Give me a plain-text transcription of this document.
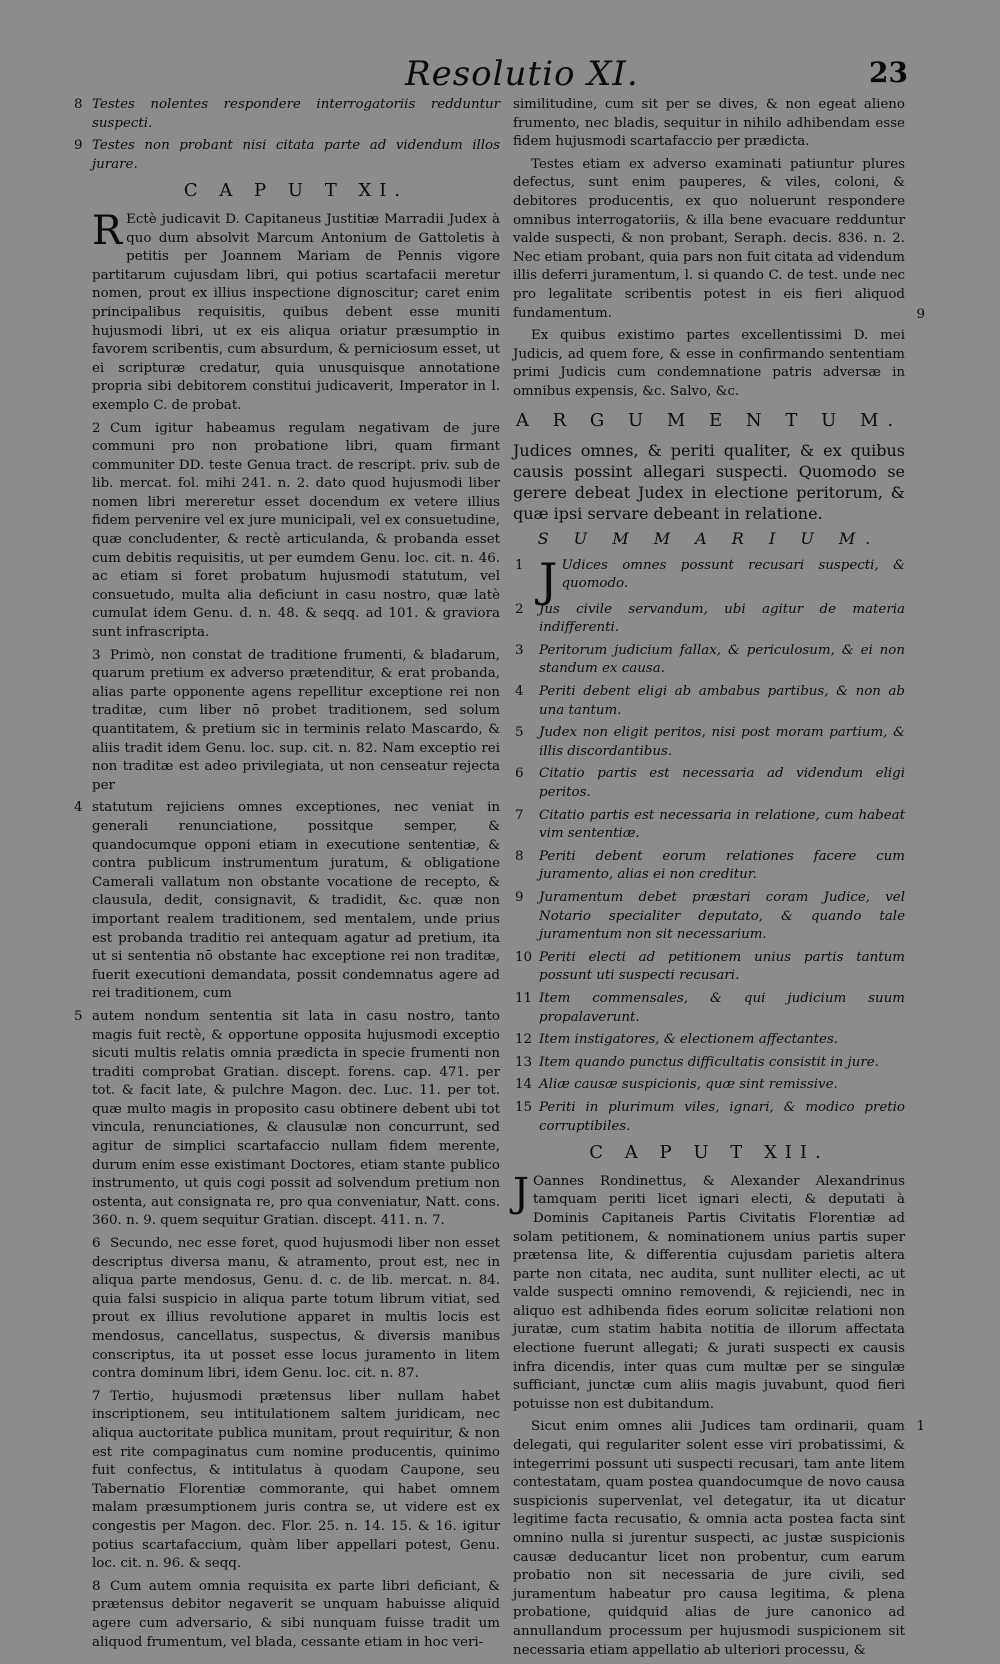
Resolutio XI.	23

8 Testes nolentes respondere interrogatoriis redduntur suspecti.

9 Testes non probant nisi citata parte ad videndum illos jurare.

C A P U T XI.

R Ectè judicavit D. Capitaneus Justitiæ Marradii Judex à quo dum absolvit Marcum Antonium de Gattoletis à petitis per Joannem Mariam de Pennis vigore partitarum cujusdam libri, qui potius scartafacii meretur nomen, prout ex illius inspectione dignoscitur; caret enim principalibus requisitis, quibus debent esse muniti hujusmodi libri, ut ex eis aliqua oriatur præsumptio in favorem scribentis, cum absurdum, & perniciosum esset, ut ei scripturæ credatur, quia unusquisque annotatione propria sibi debitorem constitui judicaverit, Imperator in l. exemplo C. de probat.

2 Cum igitur habeamus regulam negativam de jure communi pro non probatione libri, quam firmant communiter DD. teste Genua tract. de rescript. priv. sub de lib. mercat. fol. mihi 241. n. 2. dato quod hujusmodi liber nomen libri mereretur esset docendum ex vetere illius fidem pervenire vel ex jure municipali, vel ex consuetudine, quæ concludenter, & rectè articulanda, & probanda esset cum debitis requisitis, ut per eumdem Genu. loc. cit. n. 46. ac etiam si foret probatum hujusmodi statutum, vel consuetudo, multa alia deficiunt in casu nostro, quæ latè cumulat idem Genu. d. n. 48. & seqq. ad 101. & graviora sunt infrascripta.

3 Primò, non constat de traditione frumenti, & bladarum, quarum pretium ex adverso prætenditur, & erat probanda, alias parte opponente agens repellitur exceptione rei non traditæ, cum liber nō probet traditionem, sed solum quantitatem, & pretium sic in terminis relato Mascardo, & aliis tradit idem Genu. loc. sup. cit. n. 82. Nam exceptio rei non traditæ est adeo privilegiata, ut non censeatur rejecta per

4 statutum rejiciens omnes exceptiones, nec veniat in generali renunciatione, possitque semper, & quandocumque opponi etiam in executione sententiæ, & contra publicum instrumentum juratum, & obligatione Camerali vallatum non obstante vocatione de recepto, & clausula, dedit, consignavit, & tradidit, &c. quæ non important realem traditionem, sed mentalem, unde prius est probanda traditio rei antequam agatur ad pretium, ita ut si sententia nō obstante hac exceptione rei non traditæ, fuerit executioni demandata, possit condemnatus agere ad rei traditionem, cum

5 autem nondum sententia sit lata in casu nostro, tanto magis fuit rectè, & opportune opposita hujusmodi exceptio sicuti multis relatis omnia prædicta in specie frumenti non traditi comprobat Gratian. discept. forens. cap. 471. per tot. & facit late, & pulchre Magon. dec. Luc. 11. per tot. quæ multo magis in proposito casu obtinere debent ubi tot vincula, renunciationes, & clausulæ non concurrunt, sed agitur de simplici scartafaccio nullam fidem merente, durum enim esse existimant Doctores, etiam stante publico instrumento, ut quis cogi possit ad solvendum pretium non ostenta, aut consignata re, pro qua conveniatur, Natt. cons. 360. n. 9. quem sequitur Gratian. discept. 411. n. 7.

6 Secundo, nec esse foret, quod hujusmodi liber non esset descriptus diversa manu, & atramento, prout est, nec in aliqua parte mendosus, Genu. d. c. de lib. mercat. n. 84. quia falsi suspicio in aliqua parte totum librum vitiat, sed prout ex illius revolutione apparet in multis locis est mendosus, cancellatus, suspectus, & diversis manibus conscriptus, ita ut posset esse locus juramento in litem contra dominum libri, idem Genu. loc. cit. n. 87.

7 Tertio, hujusmodi prætensus liber nullam habet inscriptionem, seu intitulationem saltem juridicam, nec aliqua auctoritate publica munitam, prout requiritur, & non est rite compaginatus cum nomine producentis, quinimo fuit confectus, & intitulatus à quodam Caupone, seu Tabernatio Florentiæ commorante, qui habet omnem malam præsumptionem juris contra se, ut videre est ex congestis per Magon. dec. Flor. 25. n. 14. 15. & 16. igitur potius scartafaccium, quàm liber appellari potest, Genu. loc. cit. n. 96. & seqq.

8 Cum autem omnia requisita ex parte libri deficiant, & prætensus debitor negaverit se unquam habuisse aliquid agere cum adversario, & sibi nunquam fuisse tradit um aliquod frumentum, vel blada, cessante etiam in hoc veri-

similitudine, cum sit per se dives, & non egeat alieno frumento, nec bladis, sequitur in nihilo adhibendam esse fidem hujusmodi scartafaccio per prædicta.

9
Testes etiam ex adverso examinati patiuntur plures defectus, sunt enim pauperes, & viles, coloni, & debitores producentis, ex quo noluerunt respondere omnibus interrogatoriis, & illa bene evacuare redduntur valde suspecti, & non probant, Seraph. decis. 836. n. 2. Nec etiam probant, quia pars non fuit citata ad videndum illis deferri juramentum, l. si quando C. de test. unde nec pro legalitate scribentis potest in eis fieri aliquod fundamentum.

Ex quibus existimo partes excellentissimi D. mei Judicis, ad quem fore, & esse in confirmando sententiam primi Judicis cum condemnatione patris adversæ in omnibus expensis, &c. Salvo, &c.

A R G U M E N T U M.

Judices omnes, & periti qualiter, & ex quibus causis possint allegari suspecti. Quomodo se gerere debeat Judex in electione peritorum, & quæ ipsi servare debeant in relatione.

S U M M A R I U M.

1 J Udices omnes possunt recusari suspecti, & quomodo.

2 Jus civile servandum, ubi agitur de materia indifferenti.

3 Peritorum judicium fallax, & periculosum, & ei non standum ex causa.

4 Periti debent eligi ab ambabus partibus, & non ab una tantum.

5 Judex non eligit peritos, nisi post moram partium, & illis discordantibus.

6 Citatio partis est necessaria ad videndum eligi peritos.

7 Citatio partis est necessaria in relatione, cum habeat vim sententiæ.

8 Periti debent eorum relationes facere cum juramento, alias ei non creditur.

9 Juramentum debet præstari coram Judice, vel Notario specialiter deputato, & quando tale juramentum non sit necessarium.

10 Periti electi ad petitionem unius partis tantum possunt uti suspecti recusari.

11 Item commensales, & qui judicium suum propalaverunt.

12 Item instigatores, & electionem affectantes.

13 Item quando punctus difficultatis consistit in jure.

14 Aliæ causæ suspicionis, quæ sint remissive.

15 Periti in plurimum viles, ignari, & modico pretio corruptibiles.

C A P U T XII.

J Oannes Rondinettus, & Alexander Alexandrinus tamquam periti licet ignari electi, & deputati à Dominis Capitaneis Partis Civitatis Florentiæ ad solam petitionem, & nominationem unius partis super prætensa lite, & differentia cujusdam parietis altera parte non citata, nec audita, sunt nulliter electi, ac ut valde suspecti omnino removendi, & rejiciendi, nec in aliquo est adhibenda fides eorum solicitæ relationi non juratæ, cum statim habita notitia de illorum affectata electione fuerunt allegati; & jurati suspecti ex causis infra dicendis, inter quas cum multæ per se singulæ sufficiant, junctæ cum aliis magis juvabunt, quod fieri potuisse non est dubitandum.

1
Sicut enim omnes alii Judices tam ordinarii, quam delegati, qui regulariter solent esse viri probatissimi, & integerrimi possunt uti suspecti recusari, tam ante litem contestatam, quam postea quandocumque de novo causa suspicionis supervenlat, vel detegatur, ita ut dicatur legitime facta recusatio, & omnia acta postea facta sint omnino nulla si jurentur suspecti, ac justæ suspicionis causæ deducantur licet non probentur, cum earum probatio non sit necessaria de jure civili, sed juramentum habeatur pro causa legitima, & plena probatione, quidquid alias de jure canonico ad annullandum processum per hujusmodi suspicionem sit necessaria etiam appellatio ab ulteriori processu, &
